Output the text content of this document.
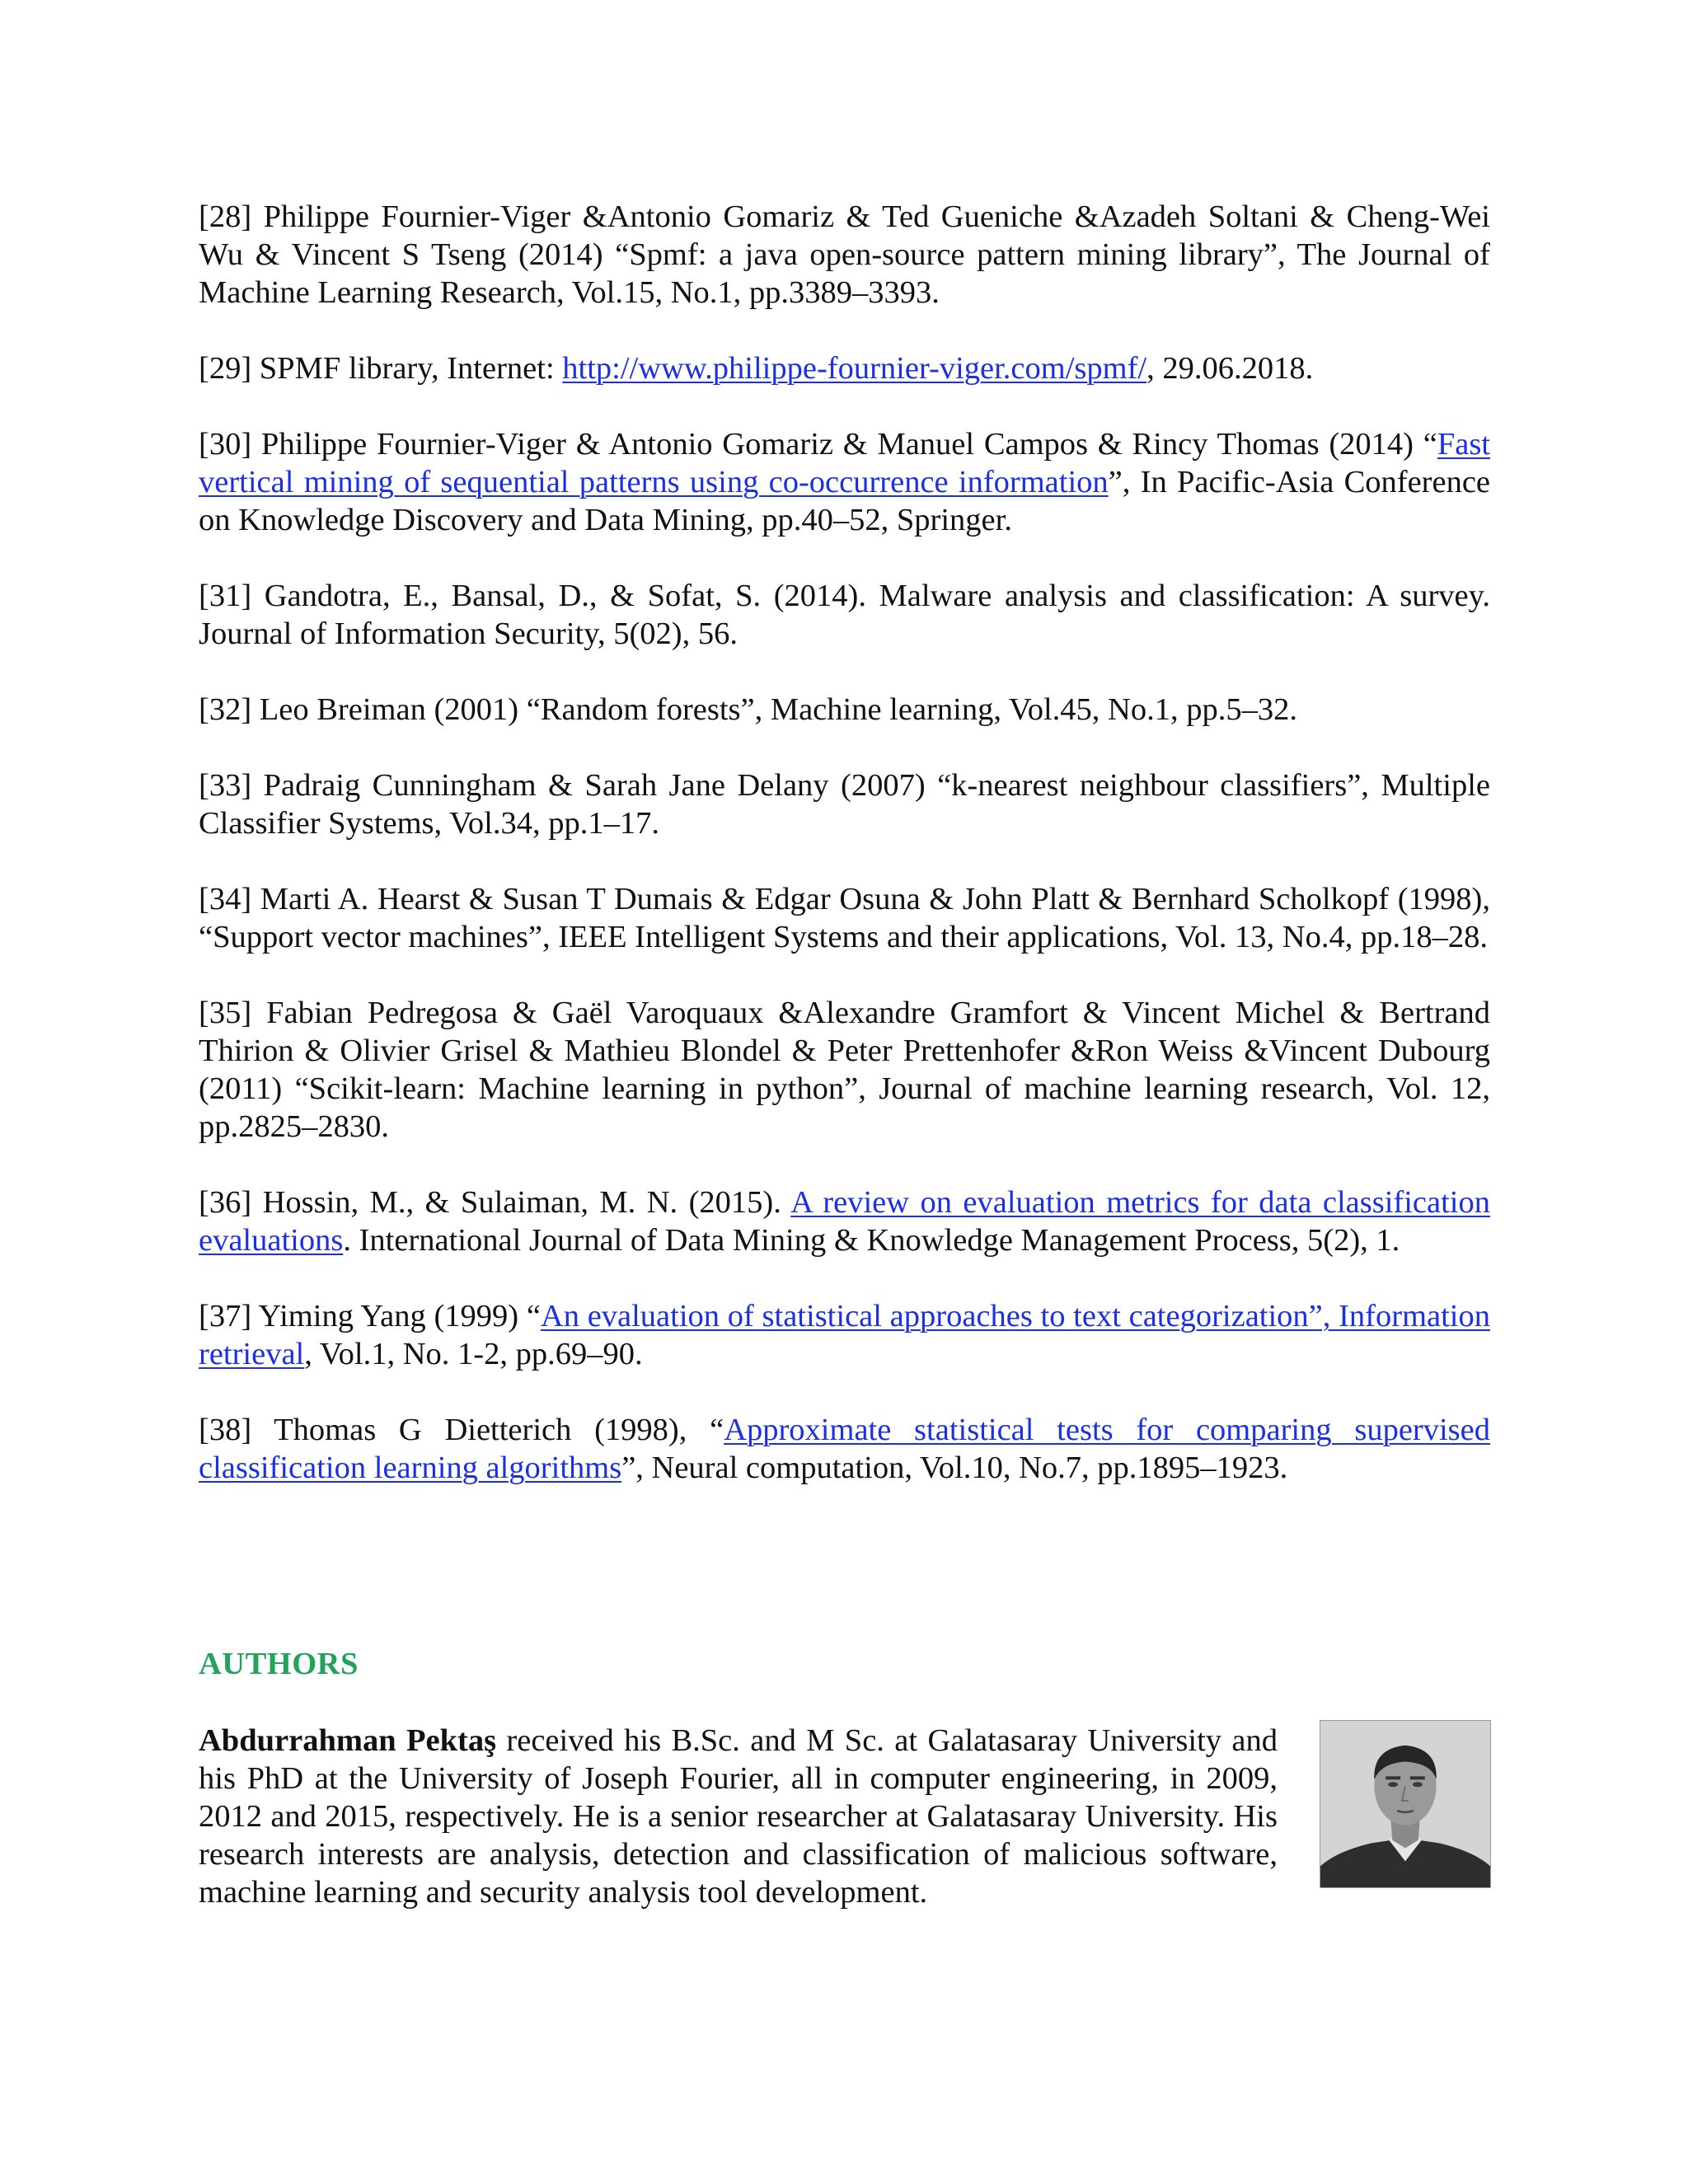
[28] Philippe Fournier-Viger &Antonio Gomariz & Ted Gueniche &Azadeh Soltani & Cheng-Wei Wu & Vincent S Tseng (2014) “Spmf: a java open-source pattern mining library”, The Journal of Machine Learning Research, Vol.15, No.1, pp.3389–3393.

[29] SPMF library, Internet: http://www.philippe-fournier-viger.com/spmf/, 29.06.2018.

[30] Philippe Fournier-Viger & Antonio Gomariz & Manuel Campos & Rincy Thomas (2014) “Fast vertical mining of sequential patterns using co-occurrence information”, In Pacific-Asia Conference on Knowledge Discovery and Data Mining, pp.40–52, Springer.

[31] Gandotra, E., Bansal, D., & Sofat, S. (2014). Malware analysis and classification: A survey. Journal of Information Security, 5(02), 56.

[32] Leo Breiman (2001) “Random forests”, Machine learning, Vol.45, No.1, pp.5–32.

[33] Padraig Cunningham & Sarah Jane Delany (2007) “k-nearest neighbour classifiers”, Multiple Classifier Systems, Vol.34, pp.1–17.

[34] Marti A. Hearst & Susan T Dumais & Edgar Osuna & John Platt & Bernhard Scholkopf (1998), “Support vector machines”, IEEE Intelligent Systems and their applications, Vol. 13, No.4, pp.18–28.

[35] Fabian Pedregosa & Gaël Varoquaux &Alexandre Gramfort & Vincent Michel & Bertrand Thirion & Olivier Grisel & Mathieu Blondel & Peter Prettenhofer &Ron Weiss &Vincent Dubourg (2011) “Scikit-learn: Machine learning in python”, Journal of machine learning research, Vol. 12, pp.2825–2830.

[36] Hossin, M., & Sulaiman, M. N. (2015). A review on evaluation metrics for data classification evaluations. International Journal of Data Mining & Knowledge Management Process, 5(2), 1.

[37] Yiming Yang (1999) “An evaluation of statistical approaches to text categorization”, Information retrieval, Vol.1, No. 1-2, pp.69–90.

[38] Thomas G Dietterich (1998), “Approximate statistical tests for comparing supervised classification learning algorithms”, Neural computation, Vol.10, No.7, pp.1895–1923.

AUTHORS

Abdurrahman Pektaş received his B.Sc. and M Sc. at Galatasaray University and his PhD at the University of Joseph Fourier, all in computer engineering, in 2009, 2012 and 2015, respectively. He is a senior researcher at Galatasaray University. His research interests are analysis, detection and classification of malicious software, machine learning and security analysis tool development.
